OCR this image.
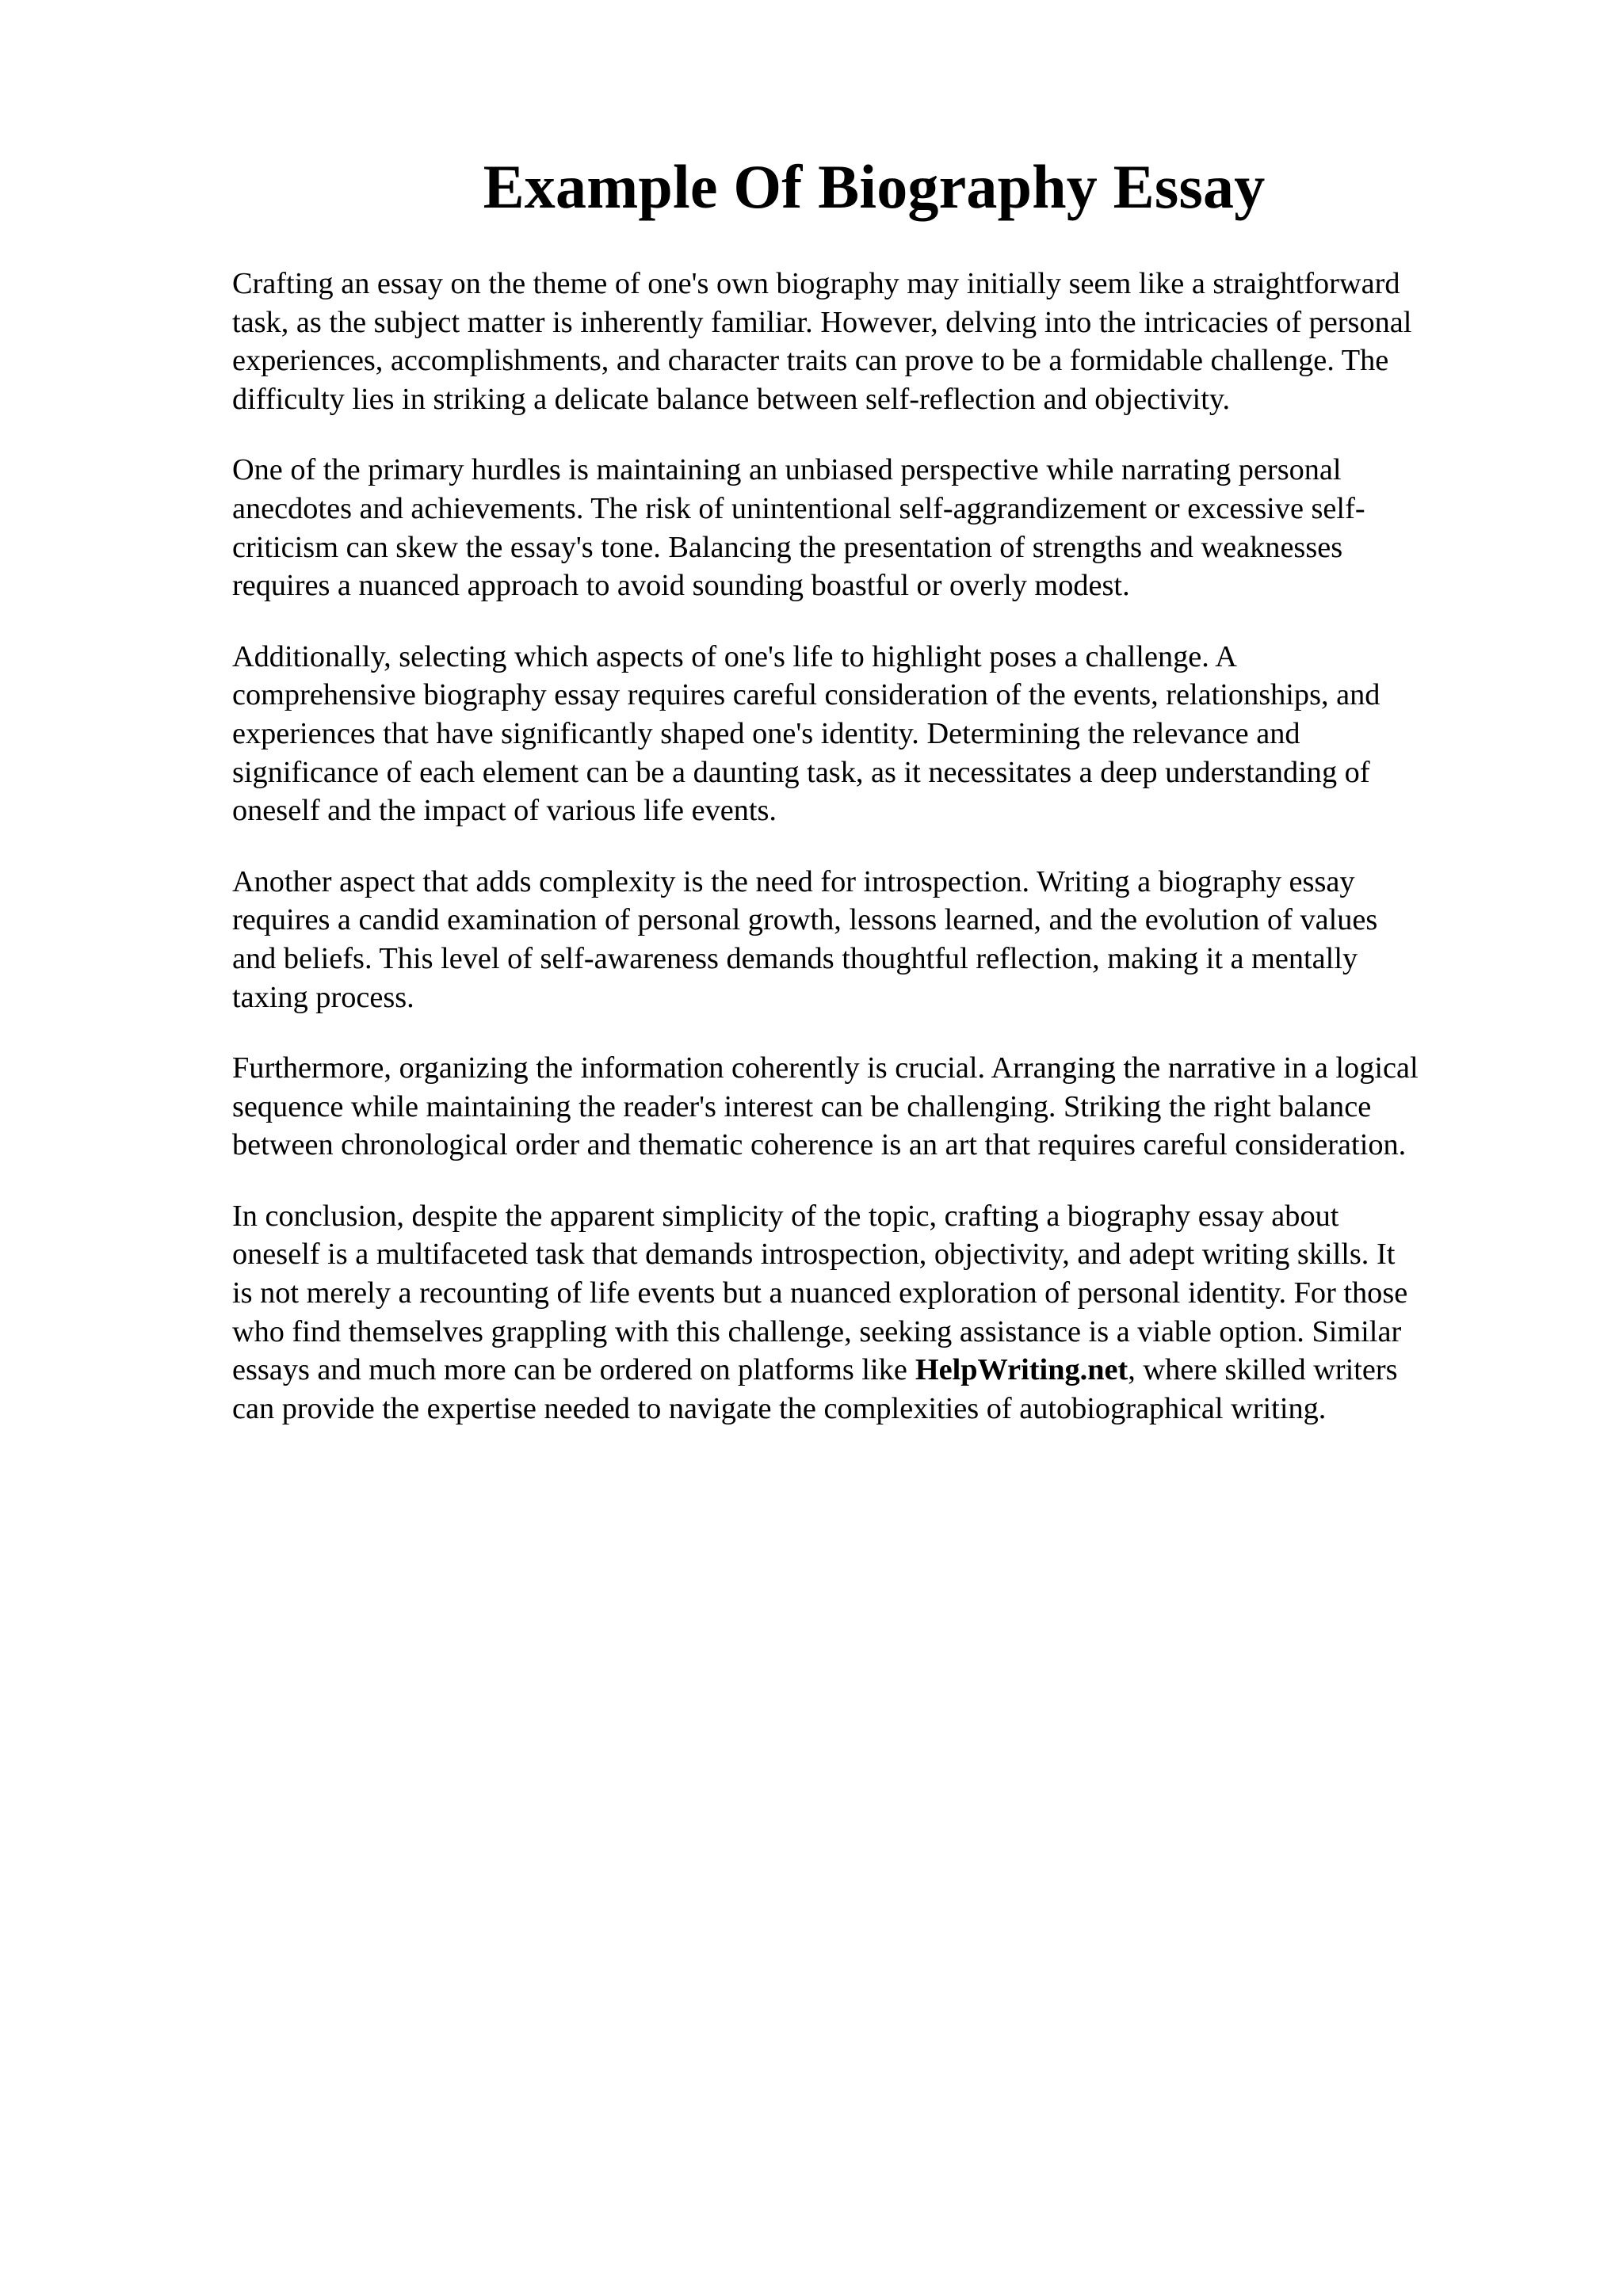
Example Of Biography Essay

Crafting an essay on the theme of one's own biography may initially seem like a straightforward
task, as the subject matter is inherently familiar. However, delving into the intricacies of personal
experiences, accomplishments, and character traits can prove to be a formidable challenge. The
difficulty lies in striking a delicate balance between self-reflection and objectivity.

One of the primary hurdles is maintaining an unbiased perspective while narrating personal
anecdotes and achievements. The risk of unintentional self-aggrandizement or excessive self-
criticism can skew the essay's tone. Balancing the presentation of strengths and weaknesses
requires a nuanced approach to avoid sounding boastful or overly modest.

Additionally, selecting which aspects of one's life to highlight poses a challenge. A
comprehensive biography essay requires careful consideration of the events, relationships, and
experiences that have significantly shaped one's identity. Determining the relevance and
significance of each element can be a daunting task, as it necessitates a deep understanding of
oneself and the impact of various life events.

Another aspect that adds complexity is the need for introspection. Writing a biography essay
requires a candid examination of personal growth, lessons learned, and the evolution of values
and beliefs. This level of self-awareness demands thoughtful reflection, making it a mentally
taxing process.

Furthermore, organizing the information coherently is crucial. Arranging the narrative in a logical
sequence while maintaining the reader's interest can be challenging. Striking the right balance
between chronological order and thematic coherence is an art that requires careful consideration.

In conclusion, despite the apparent simplicity of the topic, crafting a biography essay about
oneself is a multifaceted task that demands introspection, objectivity, and adept writing skills. It
is not merely a recounting of life events but a nuanced exploration of personal identity. For those
who find themselves grappling with this challenge, seeking assistance is a viable option. Similar
essays and much more can be ordered on platforms like HelpWriting.net, where skilled writers
can provide the expertise needed to navigate the complexities of autobiographical writing.
